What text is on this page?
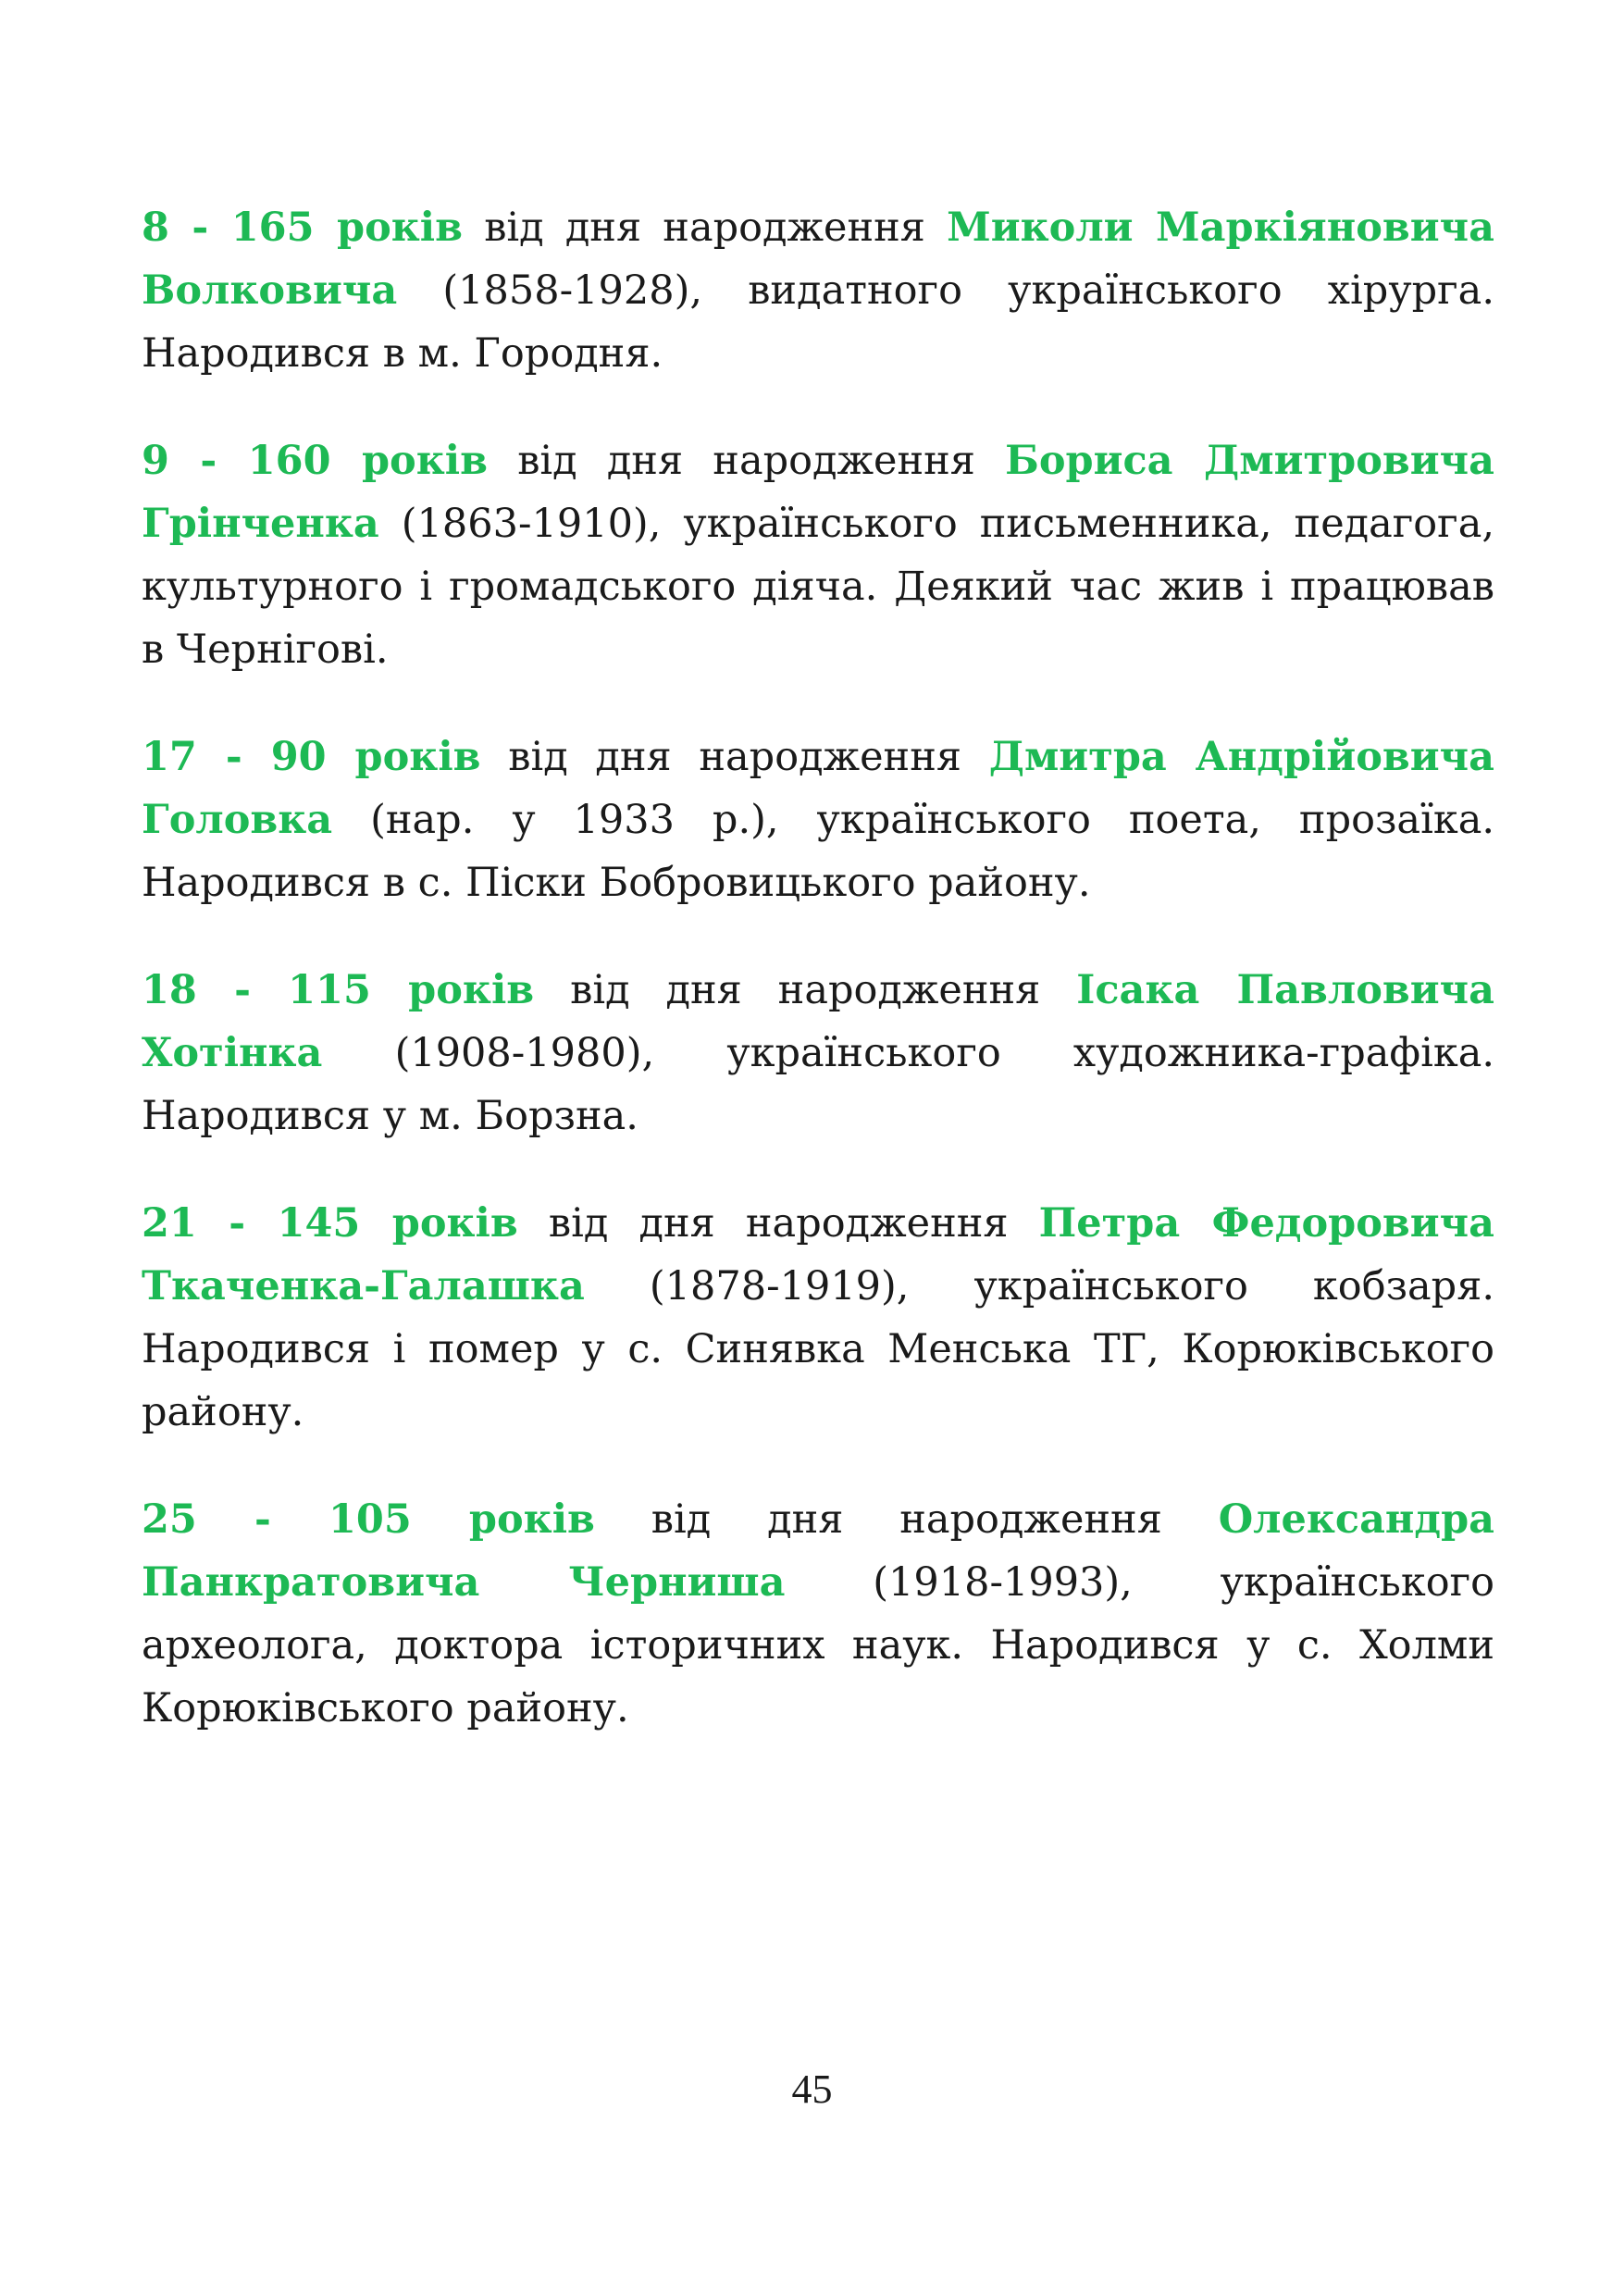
8 - 165 років від дня народження Миколи Маркіяновича Волковича (1858-1928), видатного українського хірурга. Народився в м. Городня.

9 - 160 років від дня народження Бориса Дмитровича Грінченка (1863-1910), українського письменника, педагога, культурного і громадського діяча. Деякий час жив і працював в Чернігові.

17 - 90 років від дня народження Дмитра Андрійовича Головка (нар. у 1933 р.), українського поета, прозаїка. Народився в с. Піски Бобровицького району.

18 - 115 років від дня народження Ісака Павловича Хотінка (1908-1980), українського художника-графіка. Народився у м. Борзна.

21 - 145 років від дня народження Петра Федоровича Ткаченка-Галашка (1878-1919), українського кобзаря. Народився і помер у с. Синявка Менська ТГ, Корюківського району.

25 - 105 років від дня народження Олександра Панкратовича Черниша (1918-1993), українського археолога, доктора історичних наук. Народився у с. Холми Корюківського району.

45
